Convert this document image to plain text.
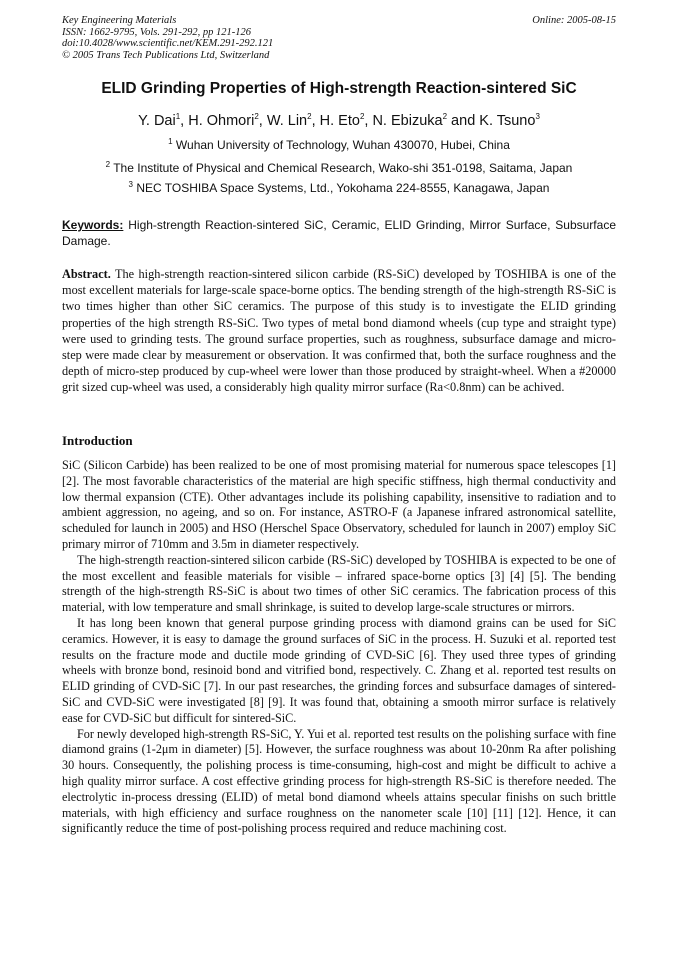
Key Engineering Materials
ISSN: 1662-9795, Vols. 291-292, pp 121-126
doi:10.4028/www.scientific.net/KEM.291-292.121
© 2005 Trans Tech Publications Ltd, Switzerland
Online: 2005-08-15
ELID Grinding Properties of High-strength Reaction-sintered SiC
Y. Dai$^1$, H. Ohmori$^2$, W. Lin$^2$, H. Eto$^2$, N. Ebizuka$^2$ and K. Tsuno$^3$
$^1$ Wuhan University of Technology, Wuhan 430070, Hubei, China
$^2$ The Institute of Physical and Chemical Research, Wako-shi 351-0198, Saitama, Japan
$^3$ NEC TOSHIBA Space Systems, Ltd., Yokohama 224-8555, Kanagawa, Japan
Keywords: High-strength Reaction-sintered SiC, Ceramic, ELID Grinding, Mirror Surface, Subsurface Damage.
Abstract. The high-strength reaction-sintered silicon carbide (RS-SiC) developed by TOSHIBA is one of the most excellent materials for large-scale space-borne optics. The bending strength of the high-strength RS-SiC is two times higher than other SiC ceramics. The purpose of this study is to investigate the ELID grinding properties of the high strength RS-SiC. Two types of metal bond diamond wheels (cup type and straight type) were used to grinding tests. The ground surface properties, such as roughness, subsurface damage and micro-step were made clear by measurement or observation. It was confirmed that, both the surface roughness and the depth of micro-step produced by cup-wheel were lower than those produced by straight-wheel. When a #20000 grit sized cup-wheel was used, a considerably high quality mirror surface (Ra<0.8nm) can be achived.
Introduction

SiC (Silicon Carbide) has been realized to be one of most promising material for numerous space telescopes [1] [2]. The most favorable characteristics of the material are high specific stiffness, high thermal conductivity and low thermal expansion (CTE). Other advantages include its polishing capability, insensitive to radiation and to ambient aggression, no ageing, and so on. For instance, ASTRO-F (a Japanese infrared astronomical satellite, scheduled for launch in 2005) and HSO (Herschel Space Observatory, scheduled for launch in 2007) employ SiC primary mirror of 710mm and 3.5m in diameter respectively.

The high-strength reaction-sintered silicon carbide (RS-SiC) developed by TOSHIBA is expected to be one of the most excellent and feasible materials for visible – infrared space-borne optics [3] [4] [5]. The bending strength of the high-strength RS-SiC is about two times of other SiC ceramics. The fabrication process of this material, with low temperature and small shrinkage, is suited to develop large-scale structures or mirrors.

It has long been known that general purpose grinding process with diamond grains can be used for SiC ceramics. However, it is easy to damage the ground surfaces of SiC in the process. H. Suzuki et al. reported test results on the fracture mode and ductile mode grinding of CVD-SiC [6]. They used three types of grinding wheels with bronze bond, resinoid bond and vitrified bond, respectively. C. Zhang et al. reported test results on ELID grinding of CVD-SiC [7]. In our past researches, the grinding forces and subsurface damages of sintered-SiC and CVD-SiC were investigated [8] [9]. It was found that, obtaining a smooth mirror surface is relatively ease for CVD-SiC but difficult for sintered-SiC.

For newly developed high-strength RS-SiC, Y. Yui et al. reported test results on the polishing surface with fine diamond grains (1-2μm in diameter) [5]. However, the surface roughness was about 10-20nm Ra after polishing 30 hours. Consequently, the polishing process is time-consuming, high-cost and might be difficult to achive a high quality mirror surface. A cost effective grinding process for high-strength RS-SiC is therefore needed. The electrolytic in-process dressing (ELID) of metal bond diamond wheels attains specular finishs on such brittle materials, with high efficiency and surface roughness on the nanometer scale [10] [11] [12]. Hence, it can significantly reduce the time of post-polishing process required and reduce machining cost.
